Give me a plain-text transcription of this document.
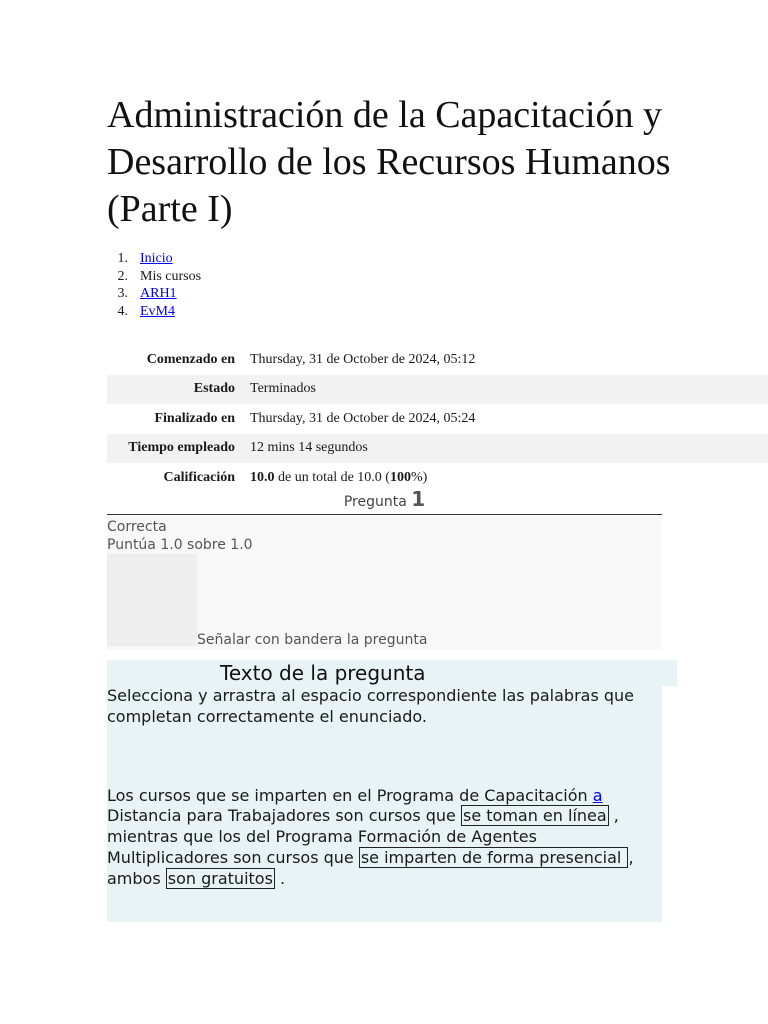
Administración de la Capacitación y Desarrollo de los Recursos Humanos (Parte I)
1. Inicio
2. Mis cursos
3. ARH1
4. EvM4
Comenzado en	Thursday, 31 de October de 2024, 05:12
Estado	Terminados
Finalizado en	Thursday, 31 de October de 2024, 05:24
Tiempo empleado	12 mins 14 segundos
Calificación	10.0 de un total de 10.0 (100%)
Pregunta 1
Correcta
Puntúa 1.0 sobre 1.0
Señalar con bandera la pregunta
Texto de la pregunta

Selecciona y arrastra al espacio correspondiente las palabras que completan correctamente el enunciado.

Los cursos que se imparten en el Programa de Capacitación a Distancia para Trabajadores son cursos que se toman en línea , mientras que los del Programa Formación de Agentes Multiplicadores son cursos que se imparten de forma presencial , ambos son gratuitos .
